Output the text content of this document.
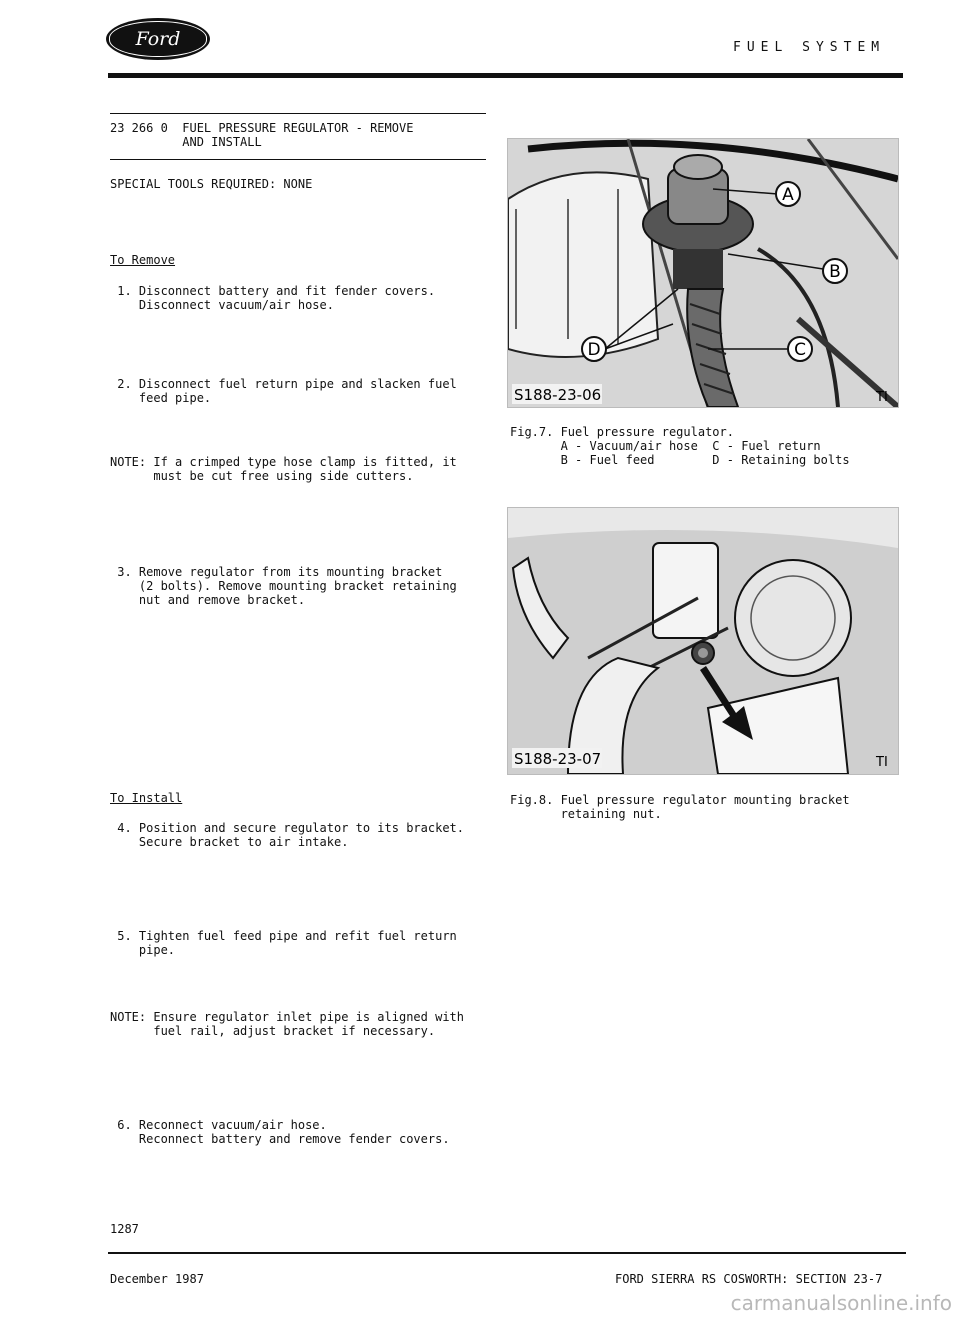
Ford	FUEL SYSTEM
23 266 0  FUEL PRESSURE REGULATOR - REMOVE
AND INSTALL
SPECIAL TOOLS REQUIRED: NONE
To Remove
1. Disconnect battery and fit fender covers.
Disconnect vacuum/air hose.
2. Disconnect fuel return pipe and slacken fuel
feed pipe.
NOTE: If a crimped type hose clamp is fitted, it
must be cut free using side cutters.
3. Remove regulator from its mounting bracket
(2 bolts). Remove mounting bracket retaining
nut and remove bracket.
To Install
4. Position and secure regulator to its bracket.
Secure bracket to air intake.
5. Tighten fuel feed pipe and refit fuel return
pipe.
NOTE: Ensure regulator inlet pipe is aligned with
fuel rail, adjust bracket if necessary.
6. Reconnect vacuum/air hose.
Reconnect battery and remove fender covers.
A
B
C
D
S188-23-06	TI
Fig.7. Fuel pressure regulator.
A - Vacuum/air hose  C - Fuel return
B - Fuel feed        D - Retaining bolts
S188-23-07	TI
Fig.8. Fuel pressure regulator mounting bracket
retaining nut.
1287
December 1987	FORD SIERRA RS COSWORTH: SECTION 23-7
carmanualsonline.info
